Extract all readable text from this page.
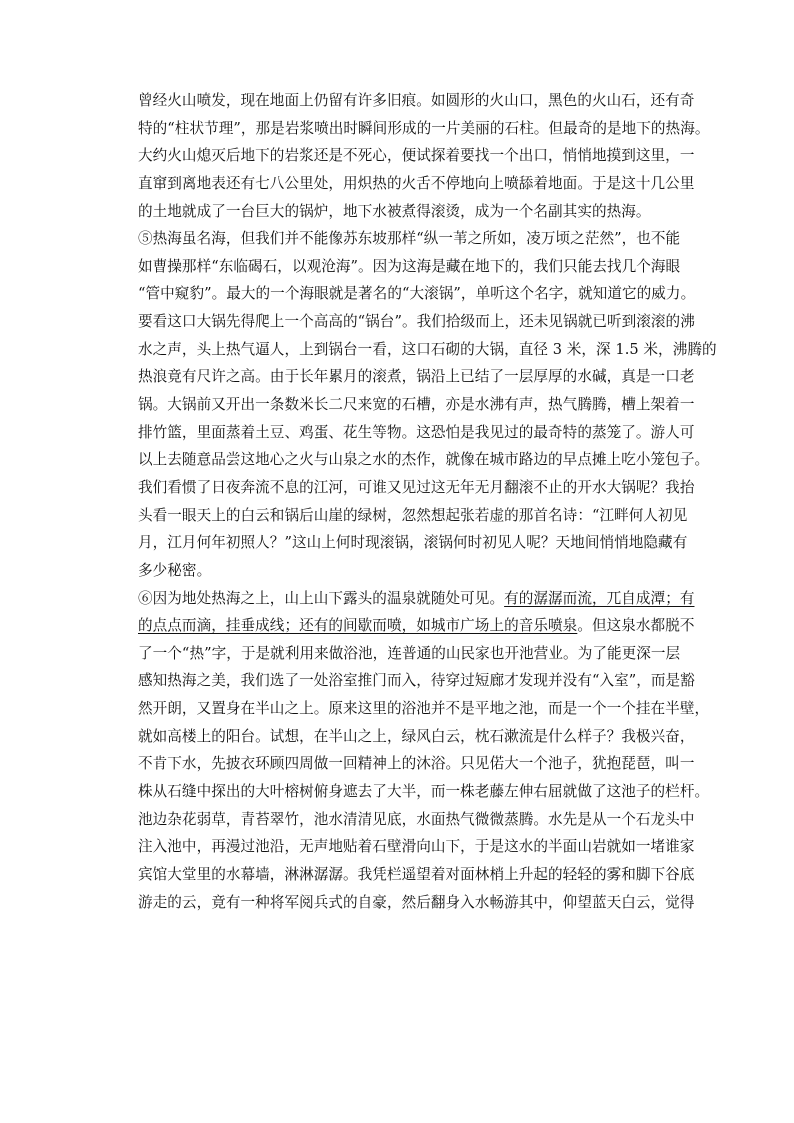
曾经火山喷发，现在地面上仍留有许多旧痕。如圆形的火山口，黑色的火山石，还有奇
特的“柱状节理”，那是岩浆喷出时瞬间形成的一片美丽的石柱。但最奇的是地下的热海。
大约火山熄灭后地下的岩浆还是不死心，便试探着要找一个出口，悄悄地摸到这里，一
直窜到离地表还有七八公里处，用炽热的火舌不停地向上喷舔着地面。于是这十几公里
的土地就成了一台巨大的锅炉，地下水被煮得滚烫，成为一个名副其实的热海。
⑤热海虽名海，但我们并不能像苏东坡那样“纵一苇之所如，凌万顷之茫然”，也不能
如曹操那样“东临碣石，以观沧海”。因为这海是藏在地下的，我们只能去找几个海眼
“管中窥豹”。最大的一个海眼就是著名的“大滚锅”，单听这个名字，就知道它的威力。
要看这口大锅先得爬上一个高高的“锅台”。我们拾级而上，还未见锅就已听到滚滚的沸
水之声，头上热气逼人，上到锅台一看，这口石砌的大锅，直径 3 米，深 1.5 米，沸腾的
热浪竟有尺许之高。由于长年累月的滚煮，锅沿上已结了一层厚厚的水碱，真是一口老
锅。大锅前又开出一条数米长二尺来宽的石槽，亦是水沸有声，热气腾腾，槽上架着一
排竹篮，里面蒸着土豆、鸡蛋、花生等物。这恐怕是我见过的最奇特的蒸笼了。游人可
以上去随意品尝这地心之火与山泉之水的杰作，就像在城市路边的早点摊上吃小笼包子。
我们看惯了日夜奔流不息的江河，可谁又见过这无年无月翻滚不止的开水大锅呢？我抬
头看一眼天上的白云和锅后山崖的绿树，忽然想起张若虚的那首名诗：“江畔何人初见
月，江月何年初照人？”这山上何时现滚锅，滚锅何时初见人呢？天地间悄悄地隐藏有
多少秘密。
⑥因为地处热海之上，山上山下露头的温泉就随处可见。有的潺潺而流，兀自成潭；有
的点点而滴，挂垂成线；还有的间歇而喷，如城市广场上的音乐喷泉。但这泉水都脱不
了一个“热”字，于是就利用来做浴池，连普通的山民家也开池营业。为了能更深一层
感知热海之美，我们选了一处浴室推门而入，待穿过短廊才发现并没有“入室”，而是豁
然开朗，又置身在半山之上。原来这里的浴池并不是平地之池，而是一个一个挂在半壁，
就如高楼上的阳台。试想，在半山之上，绿风白云，枕石漱流是什么样子？我极兴奋，
不肯下水，先披衣环顾四周做一回精神上的沐浴。只见偌大一个池子，犹抱琵琶，叫一
株从石缝中探出的大叶榕树俯身遮去了大半，而一株老藤左伸右屈就做了这池子的栏杆。
池边杂花弱草，青苔翠竹，池水清清见底，水面热气微微蒸腾。水先是从一个石龙头中
注入池中，再漫过池沿，无声地贴着石壁滑向山下，于是这水的半面山岩就如一堵谁家
宾馆大堂里的水幕墙，淋淋潺潺。我凭栏遥望着对面林梢上升起的轻轻的雾和脚下谷底
游走的云，竟有一种将军阅兵式的自豪，然后翻身入水畅游其中，仰望蓝天白云，觉得
